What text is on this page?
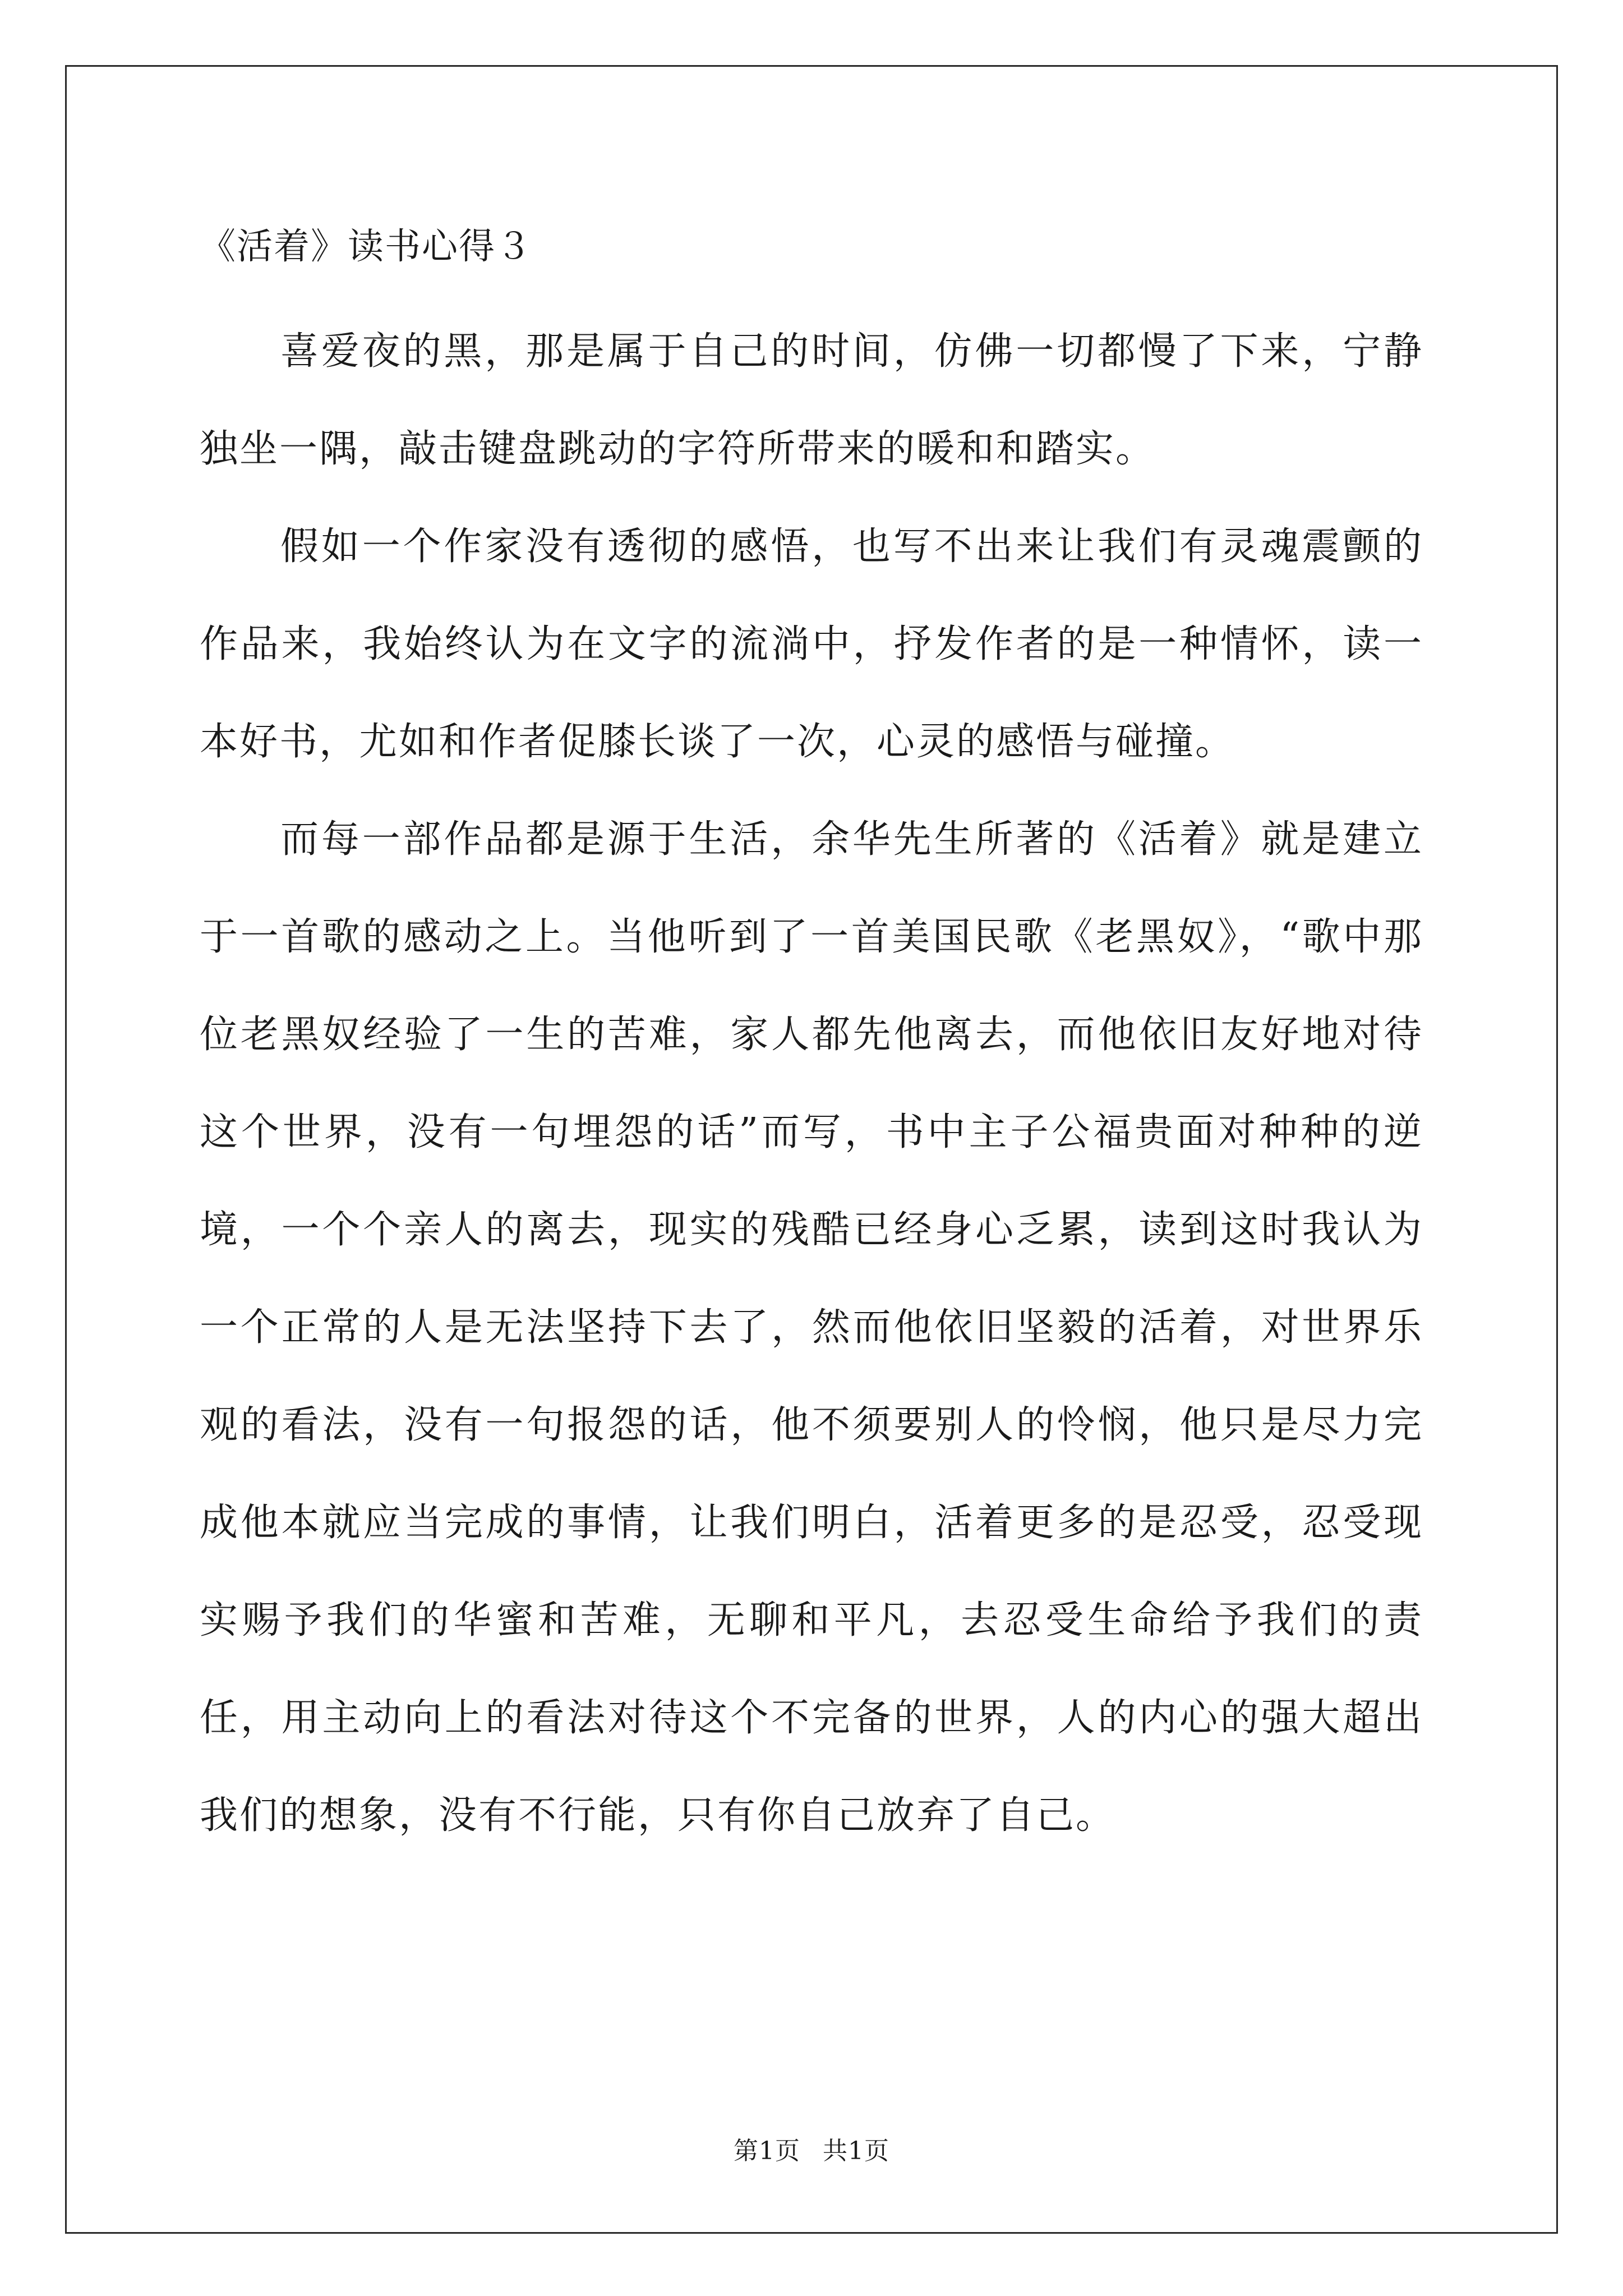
《活着》读书心得３

喜爱夜的黑，那是属于自己的时间，仿佛一切都慢了下来，宁静独坐一隅，敲击键盘跳动的字符所带来的暖和和踏实。

假如一个作家没有透彻的感悟，也写不出来让我们有灵魂震颤的作品来，我始终认为在文字的流淌中，抒发作者的是一种情怀，读一本好书，尤如和作者促膝长谈了一次，心灵的感悟与碰撞。

而每一部作品都是源于生活，余华先生所著的《活着》就是建立于一首歌的感动之上。当他听到了一首美国民歌《老黑奴》，“歌中那位老黑奴经验了一生的苦难，家人都先他离去，而他依旧友好地对待这个世界，没有一句埋怨的话”而写，书中主子公福贵面对种种的逆境，一个个亲人的离去，现实的残酷已经身心乏累，读到这时我认为一个正常的人是无法坚持下去了，然而他依旧坚毅的活着，对世界乐观的看法，没有一句报怨的话，他不须要别人的怜悯，他只是尽力完成他本就应当完成的事情，让我们明白，活着更多的是忍受，忍受现实赐予我们的华蜜和苦难，无聊和平凡，去忍受生命给予我们的责任，用主动向上的看法对待这个不完备的世界，人的内心的强大超出我们的想象，没有不行能，只有你自己放弃了自己。

第1页 共1页
